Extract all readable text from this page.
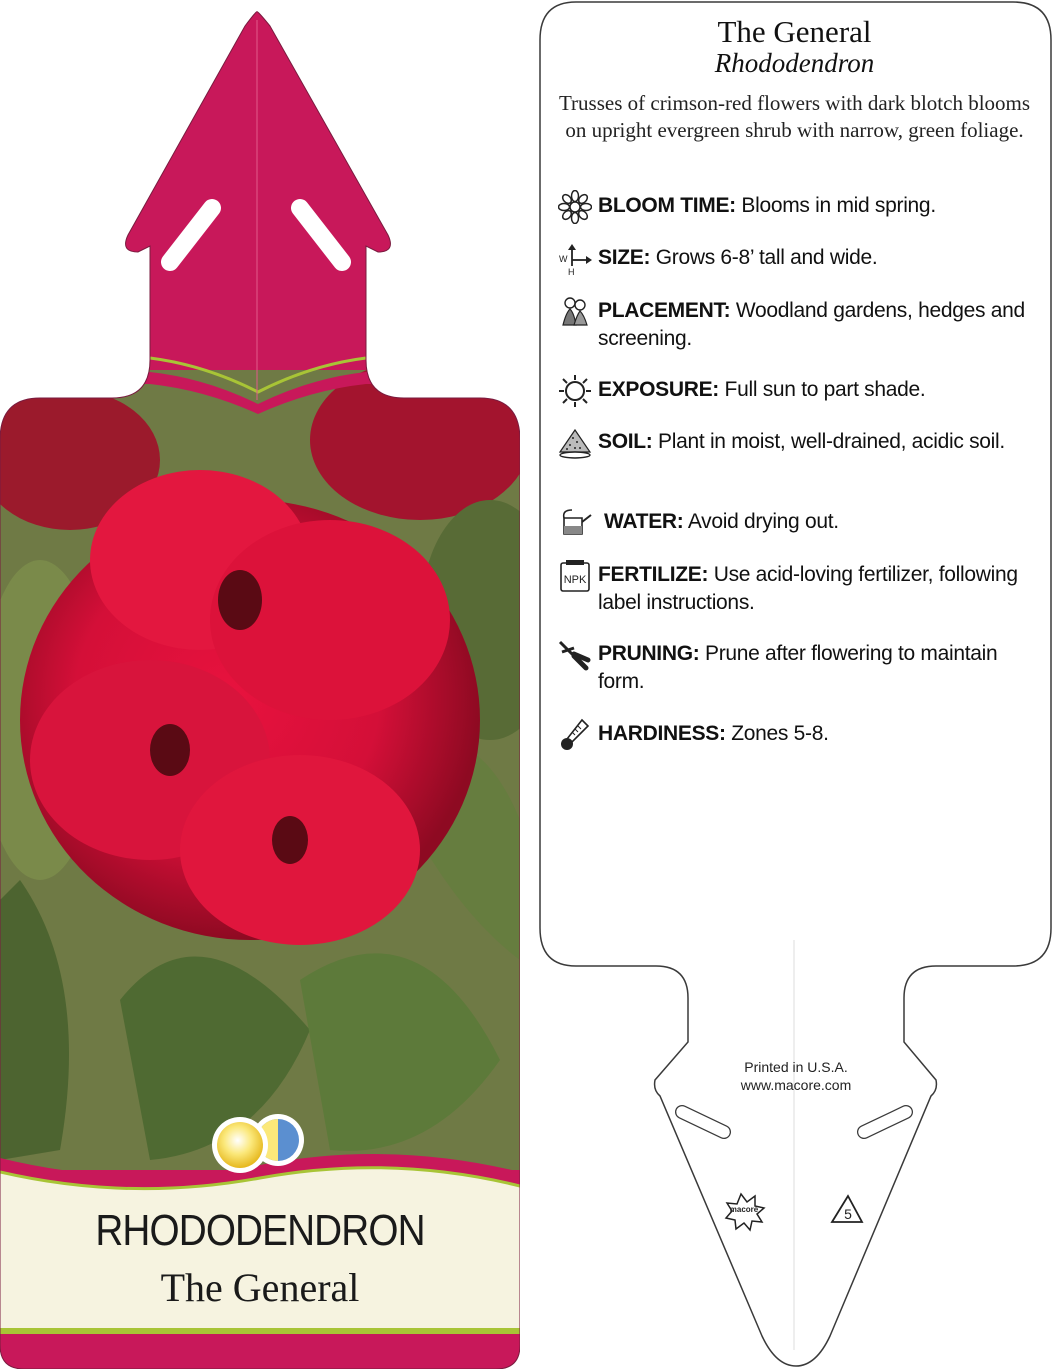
RHODODENDRON
The General
The General
Rhododendron
Trusses of crimson-red flowers with dark blotch blooms on upright evergreen shrub with narrow, green foliage.
BLOOM TIME: Blooms in mid spring.
W
H
SIZE: Grows 6-8’ tall and wide.
PLACEMENT: Woodland gardens, hedges and screening.
EXPOSURE: Full sun to part shade.
SOIL: Plant in moist, well-drained, acidic soil.
WATER: Avoid drying out.
NPK FERTILIZE: Use acid-loving fertilizer, following label instructions.
PRUNING: Prune after flowering to maintain form.
HARDINESS: Zones 5-8.
Printed in U.S.A.
www.macore.com
macore	5
